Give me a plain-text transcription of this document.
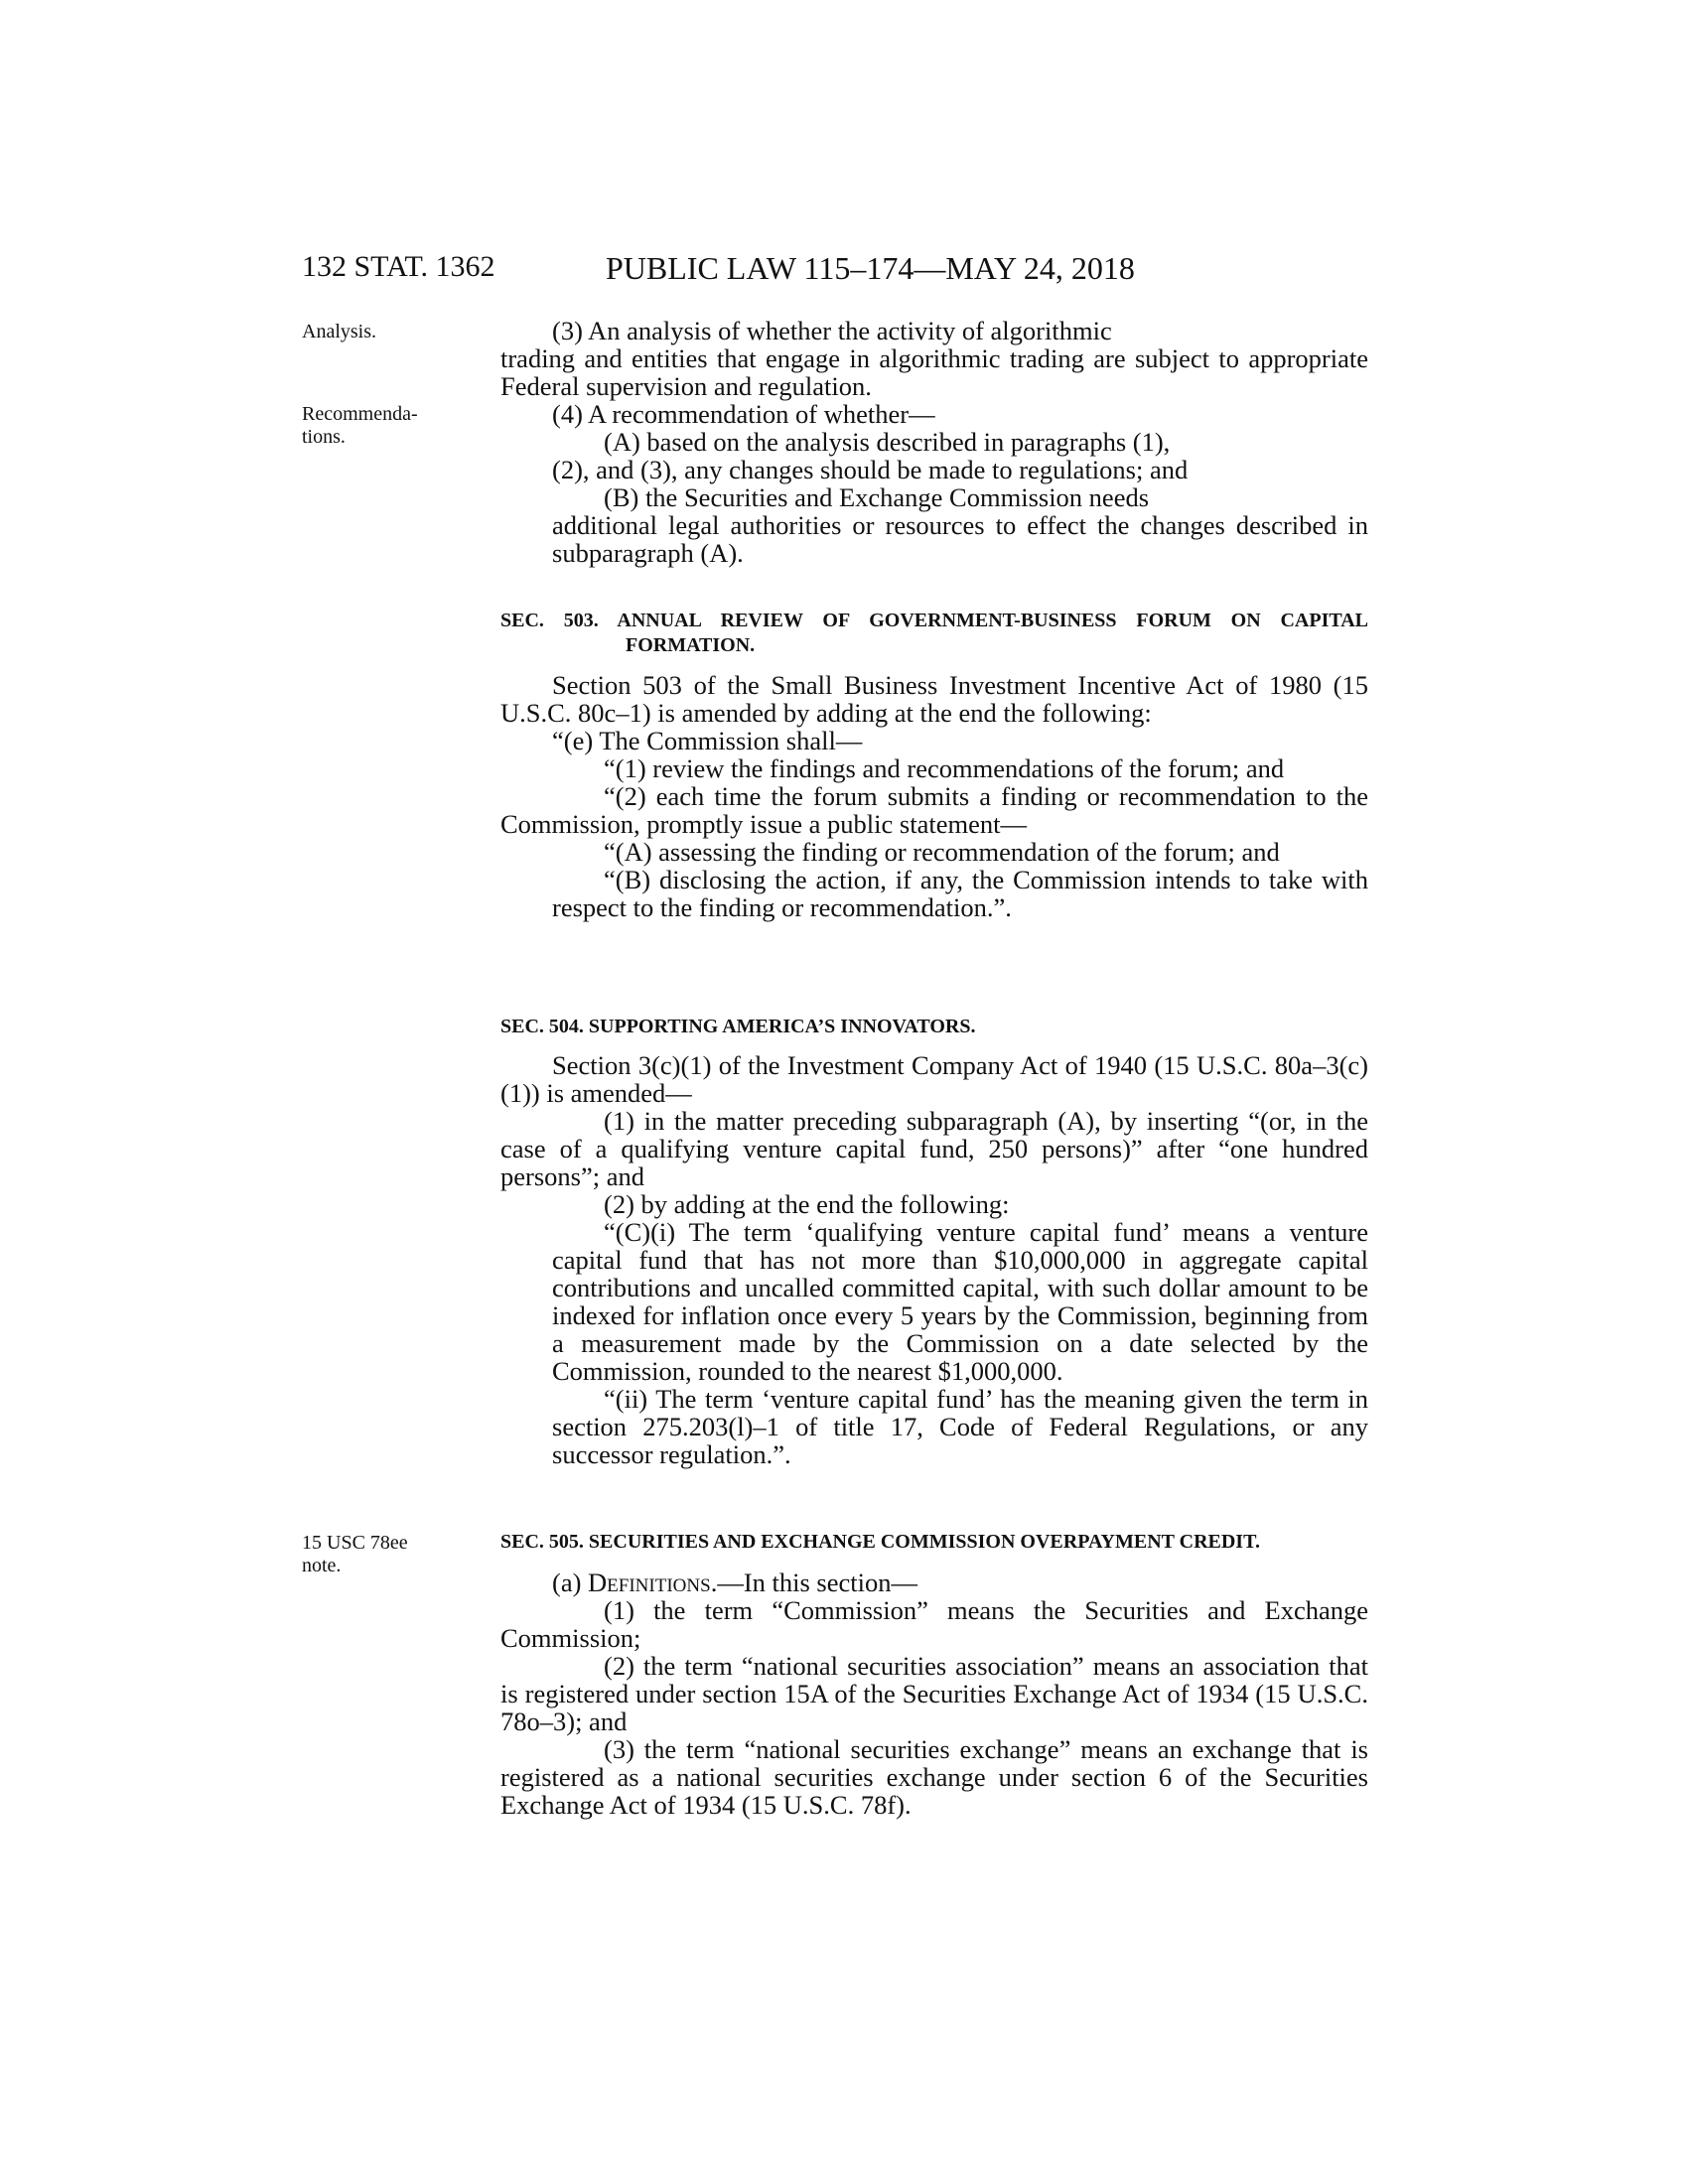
132 STAT. 1362	PUBLIC LAW 115–174—MAY 24, 2018
Analysis.
Recommenda-
tions.
15 USC 78ee
note.

(3) An analysis of whether the activity of algorithmic

trading and entities that engage in algorithmic trading are subject to appropriate Federal supervision and regulation.

(4) A recommendation of whether—

(A) based on the analysis described in paragraphs (1),

(2), and (3), any changes should be made to regulations; and

(B) the Securities and Exchange Commission needs

additional legal authorities or resources to effect the changes described in subparagraph (A).

SEC. 503. ANNUAL REVIEW OF GOVERNMENT-BUSINESS FORUM ON CAPITAL FORMATION.

Section 503 of the Small Business Investment Incentive Act of 1980 (15 U.S.C. 80c–1) is amended by adding at the end the following:

“(e) The Commission shall—

“(1) review the findings and recommendations of the forum; and

“(2) each time the forum submits a finding or recommendation to the Commission, promptly issue a public statement—

“(A) assessing the finding or recommendation of the forum; and

“(B) disclosing the action, if any, the Commission intends to take with respect to the finding or recommendation.”.

SEC. 504. SUPPORTING AMERICA’S INNOVATORS.

Section 3(c)(1) of the Investment Company Act of 1940 (15 U.S.C. 80a–3(c)(1)) is amended—

(1) in the matter preceding subparagraph (A), by inserting “(or, in the case of a qualifying venture capital fund, 250 persons)” after “one hundred persons”; and

(2) by adding at the end the following:

“(C)(i) The term ‘qualifying venture capital fund’ means a venture capital fund that has not more than $10,000,000 in aggregate capital contributions and uncalled committed capital, with such dollar amount to be indexed for inflation once every 5 years by the Commission, beginning from a measurement made by the Commission on a date selected by the Commission, rounded to the nearest $1,000,000.

“(ii) The term ‘venture capital fund’ has the meaning given the term in section 275.203(l)–1 of title 17, Code of Federal Regulations, or any successor regulation.”.

SEC. 505. SECURITIES AND EXCHANGE COMMISSION OVERPAYMENT CREDIT.

(a) Definitions.—In this section—

(1) the term “Commission” means the Securities and Exchange Commission;

(2) the term “national securities association” means an association that is registered under section 15A of the Securities Exchange Act of 1934 (15 U.S.C. 78o–3); and

(3) the term “national securities exchange” means an exchange that is registered as a national securities exchange under section 6 of the Securities Exchange Act of 1934 (15 U.S.C. 78f).
